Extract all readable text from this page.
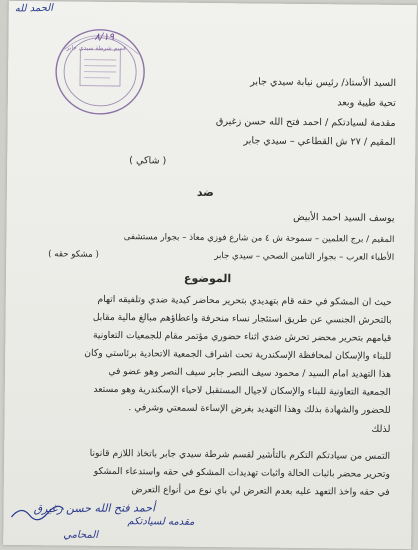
الحمد لله
٨/١٩
قسم شرطة سيدي جابر
السيد الأستاذ/ رئيس نيابة سيدي جابر
تحية طيبة وبعد
مقدمة لسيادتكم / احمد فتح الله حسن زغيرق
المقيم / ٢٧ ش القطاعي – سيدي جابر
( شاكي )
ضد
يوسف السيد احمد الأبيض
المقيم / برج العلمين – سموحة ش ٤ من شارع فوزي معاذ – بجوار مستشفى
الأطباء العرب – بجوار التامين الصحي – سيدي جابر
( مشكو حقه )
الموضوع
حيث ان المشكو في حقه قام بتهديدي بتحرير محاضر كيدية ضدي وتلفيقه اتهام
بالتحرش الجنسي عن طريق استئجار نساء منحرفة واعطاؤهم مبالغ مالية مقابل
قيامهم بتحرير محضر تحرش ضدي اثناء حضوري مؤتمر مقام للجمعيات التعاونية
للبناء والإسكان لمحافظة الإسكندرية تحت اشراف الجمعية الاتحادية برئاستي وكان
هذا التهديد امام السيد / محمود سيف النصر جابر سيف النصر وهو عضو في
الجمعية التعاونية للبناء والإسكان لاجيال المستقبل لاحياء الإسكندرية وهو مستعد
للحضور والشهادة بذلك وهذا التهديد بغرض الإساءة لسمعتي وشرفي .
لذلك
التمس من سيادتكم التكرم بالتأشير لقسم شرطة سيدي جابر باتخاذ اللازم قانونا
وتحرير محضر باثبات الحالة واثبات تهديدات المشكو في حقه واستدعاء المشكو
في حقه واخذ التعهد عليه بعدم التعرض لي باي نوع من أنواع التعرض
أحمد فتح الله حسن زغيرق
مقدمه لسيادتكم
المحامي
